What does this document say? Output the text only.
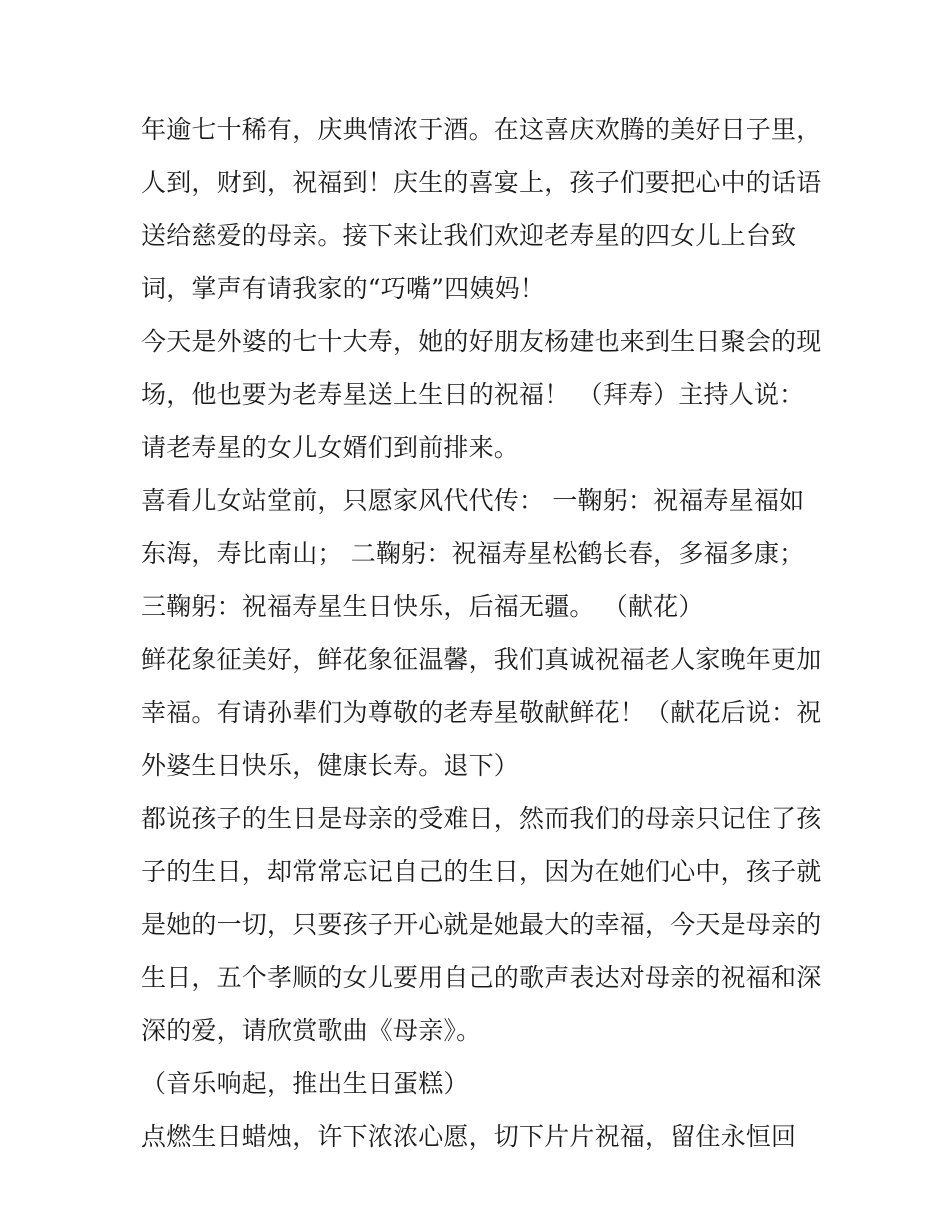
年逾七十稀有，庆典情浓于酒。在这喜庆欢腾的美好日子里，
人到，财到，祝福到！庆生的喜宴上，孩子们要把心中的话语
送给慈爱的母亲。接下来让我们欢迎老寿星的四女儿上台致
词，掌声有请我家的“巧嘴”四姨妈！
今天是外婆的七十大寿，她的好朋友杨建也来到生日聚会的现
场，他也要为老寿星送上生日的祝福！ （拜寿）主持人说：
请老寿星的女儿女婿们到前排来。
喜看儿女站堂前，只愿家风代代传： 一鞠躬：祝福寿星福如
东海，寿比南山； 二鞠躬：祝福寿星松鹤长春，多福多康；
三鞠躬：祝福寿星生日快乐，后福无疆。 （献花）
鲜花象征美好，鲜花象征温馨，我们真诚祝福老人家晚年更加
幸福。有请孙辈们为尊敬的老寿星敬献鲜花！（献花后说：祝
外婆生日快乐，健康长寿。退下）
都说孩子的生日是母亲的受难日，然而我们的母亲只记住了孩
子的生日，却常常忘记自己的生日，因为在她们心中，孩子就
是她的一切，只要孩子开心就是她最大的幸福，今天是母亲的
生日，五个孝顺的女儿要用自己的歌声表达对母亲的祝福和深
深的爱，请欣赏歌曲《母亲》。
（音乐响起，推出生日蛋糕）
点燃生日蜡烛，许下浓浓心愿，切下片片祝福，留住永恒回
